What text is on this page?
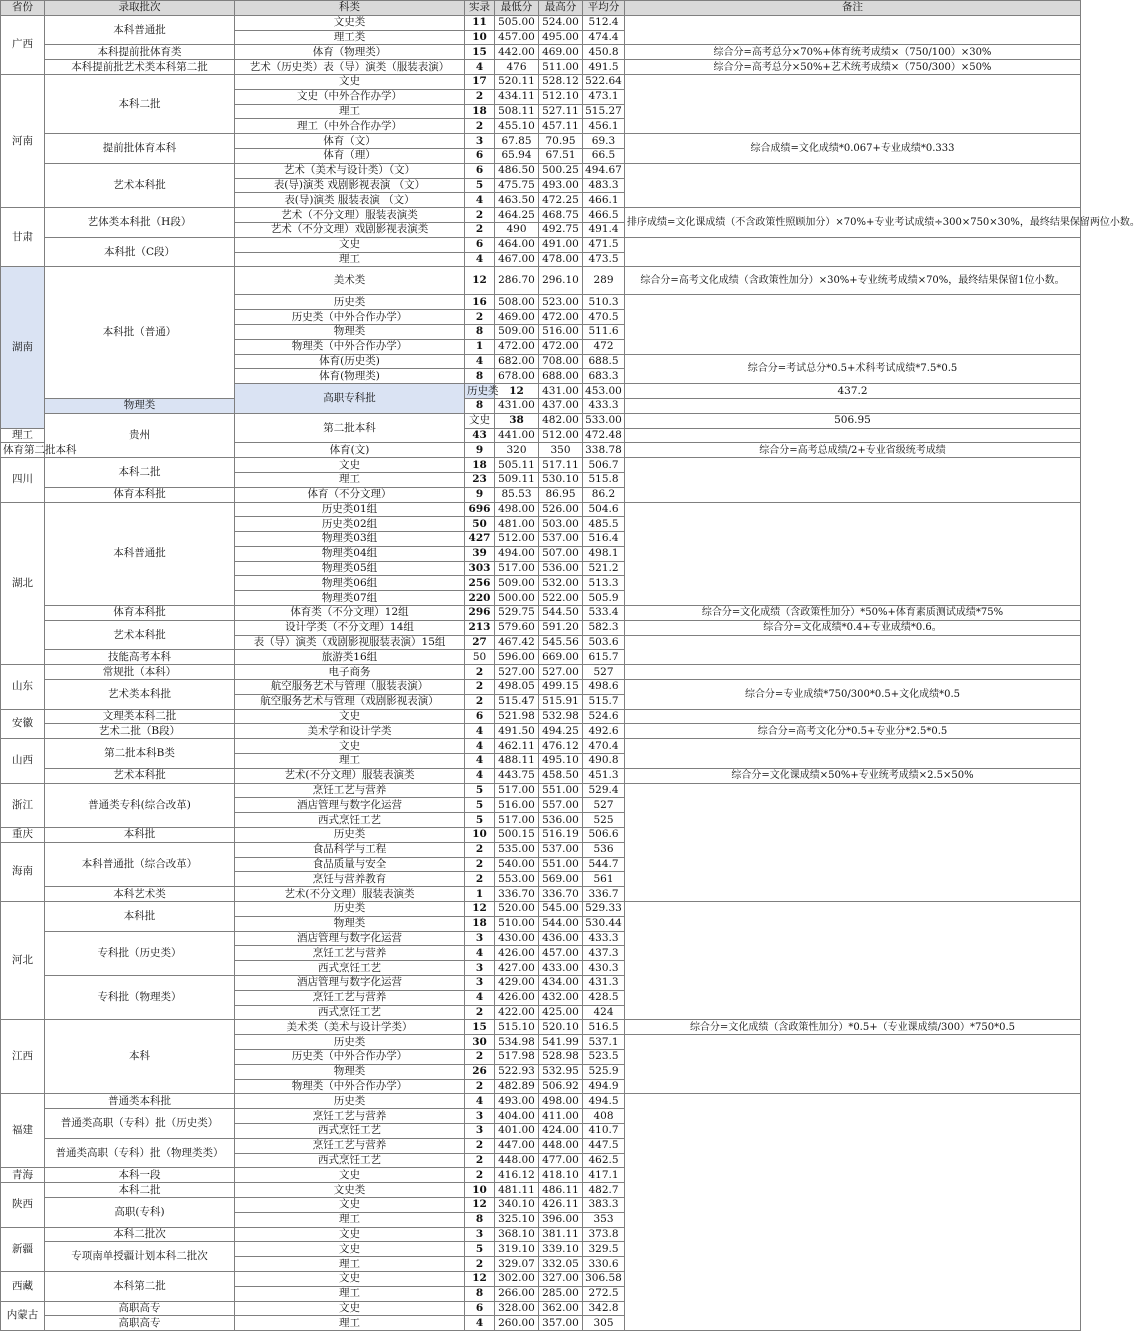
省份	录取批次	科类	实录	最低分	最高分	平均分	备注	
广西	本科普通批	文史类	11	505.00	524.00	512.4		
		理工类	10	457.00	495.00	474.4		
	本科提前批体育类	体育（物理类）	15	442.00	469.00	450.8	综合分=高考总分×70%+体育统考成绩×（750/100）×30%	
	本科提前批艺术类本科第二批	艺术（历史类）表（导）演类（服装表演）	4	476	511.00	491.5	综合分=高考总分×50%+艺术统考成绩×（750/300）×50%	
河南	本科二批	文史	17	520.11	528.12	522.64		
		文史（中外合作办学）	2	434.11	512.10	473.1		
		理工	18	508.11	527.11	515.27		
		理工（中外合作办学）	2	455.10	457.11	456.1		
	提前批体育本科	体育（文）	3	67.85	70.95	69.3	综合成绩=文化成绩*0.067+专业成绩*0.333	
		体育（理）	6	65.94	67.51	66.5		
	艺术本科批	艺术（美术与设计类）（文）	6	486.50	500.25	494.67		
		表(导)演类 戏剧影视表演 （文）	5	475.75	493.00	483.3		
		表(导)演类 服装表演 （文）	4	463.50	472.25	466.1		
甘肃	艺体类本科批（H段）	艺术（不分文理）服装表演类	2	464.25	468.75	466.5	排序成绩=文化课成绩（不含政策性照顾加分）×70%+专业考试成绩÷300×750×30%，最终结果保留两位小数。	
		艺术（不分文理）戏剧影视表演类	2	490	492.75	491.4		
	本科批（C段）	文史	6	464.00	491.00	471.5		
		理工	4	467.00	478.00	473.5		
湖南	本科批（普通）	美术类	12	286.70	296.10	289	综合分=高考文化成绩（含政策性加分）×30%+专业统考成绩×70%，最终结果保留1位小数。	
		历史类	16	508.00	523.00	510.3		
		历史类（中外合作办学）	2	469.00	472.00	470.5		
		物理类	8	509.00	516.00	511.6		
		物理类（中外合作办学）	1	472.00	472.00	472		
		体育(历史类)	4	682.00	708.00	688.5	综合分=考试总分*0.5+术科考试成绩*7.5*0.5	
		体育(物理类)	8	678.00	688.00	683.3		
		高职专科批	历史类	12	431.00	453.00	437.2	
	物理类		8	431.00	437.00	433.3		
	贵州	第二批本科	文史	38	482.00	533.00	506.95	
理工			43	441.00	512.00	472.48		
体育第二批本科		体育(文)	9	320	350	338.78	综合分=高考总成绩/2+专业省级统考成绩	
四川	本科二批	文史	18	505.11	517.11	506.7		
		理工	23	509.11	530.10	515.8		
	体育本科批	体育（不分文理）	9	85.53	86.95	86.2		
湖北	本科普通批	历史类01组	696	498.00	526.00	504.6		
		历史类02组	50	481.00	503.00	485.5		
		物理类03组	427	512.00	537.00	516.4		
		物理类04组	39	494.00	507.00	498.1		
		物理类05组	303	517.00	536.00	521.2		
		物理类06组	256	509.00	532.00	513.3		
		物理类07组	220	500.00	522.00	505.9		
	体育本科批	体育类（不分文理）12组	296	529.75	544.50	533.4	综合分=文化成绩（含政策性加分）*50%+体育素质测试成绩*75%	
	艺术本科批	设计学类（不分文理）14组	213	579.60	591.20	582.3	综合分=文化成绩*0.4+专业成绩*0.6。	
		表（导）演类（戏剧影视服装表演）15组	27	467.42	545.56	503.6		
	技能高考本科	旅游类16组	50	596.00	669.00	615.7		
山东	常规批（本科）	电子商务	2	527.00	527.00	527		
	艺术类本科批	航空服务艺术与管理（服装表演）	2	498.05	499.15	498.6	综合分=专业成绩*750/300*0.5+文化成绩*0.5	
		航空服务艺术与管理（戏剧影视表演）	2	515.47	515.91	515.7		
安徽	文理类本科二批	文史	6	521.98	532.98	524.6		
	艺术二批（B段）	美术学和设计学类	4	491.50	494.25	492.6	综合分=高考文化分*0.5+专业分*2.5*0.5	
山西	第二批本科B类	文史	4	462.11	476.12	470.4		
		理工	4	488.11	495.10	490.8		
	艺术本科批	艺术(不分文理）服装表演类	4	443.75	458.50	451.3	综合分=文化课成绩×50%+专业统考成绩×2.5×50%	
浙江	普通类专科(综合改革)	烹饪工艺与营养	5	517.00	551.00	529.4		
		酒店管理与数字化运营	5	516.00	557.00	527		
		西式烹饪工艺	5	517.00	536.00	525		
重庆	本科批	历史类	10	500.15	516.19	506.6		
海南	本科普通批（综合改革）	食品科学与工程	2	535.00	537.00	536		
		食品质量与安全	2	540.00	551.00	544.7		
		烹饪与营养教育	2	553.00	569.00	561		
	本科艺术类	艺术(不分文理）服装表演类	1	336.70	336.70	336.7		
河北	本科批	历史类	12	520.00	545.00	529.33		
		物理类	18	510.00	544.00	530.44		
	专科批（历史类）	酒店管理与数字化运营	3	430.00	436.00	433.3		
		烹饪工艺与营养	4	426.00	457.00	437.3		
		西式烹饪工艺	3	427.00	433.00	430.3		
	专科批（物理类）	酒店管理与数字化运营	3	429.00	434.00	431.3		
		烹饪工艺与营养	4	426.00	432.00	428.5		
		西式烹饪工艺	2	422.00	425.00	424		
江西	本科	美术类（美术与设计学类）	15	515.10	520.10	516.5	综合分=文化成绩（含政策性加分）*0.5+（专业课成绩/300）*750*0.5	
		历史类	30	534.98	541.99	537.1		
		历史类（中外合作办学）	2	517.98	528.98	523.5		
		物理类	26	522.93	532.95	525.9		
		物理类（中外合作办学）	2	482.89	506.92	494.9		
福建	普通类本科批	历史类	4	493.00	498.00	494.5		
	普通类高职（专科）批（历史类）	烹饪工艺与营养	3	404.00	411.00	408		
		西式烹饪工艺	3	401.00	424.00	410.7		
	普通类高职（专科）批（物理类类）	烹饪工艺与营养	2	447.00	448.00	447.5		
		西式烹饪工艺	2	448.00	477.00	462.5		
青海	本科一段	文史	2	416.12	418.10	417.1		
陕西	本科二批	文史类	10	481.11	486.11	482.7		
	高职(专科)	文史	12	340.10	426.11	383.3		
		理工	8	325.10	396.00	353		
新疆	本科二批次	文史	3	368.10	381.11	373.8		
	专项南单授疆计划本科二批次	文史	5	319.10	339.10	329.5		
		理工	2	329.07	332.05	330.6		
西藏	本科第二批	文史	12	302.00	327.00	306.58		
		理工	8	266.00	285.00	272.5		
内蒙古	高职高专	文史	6	328.00	362.00	342.8		
	高职高专	理工	4	260.00	357.00	305		
